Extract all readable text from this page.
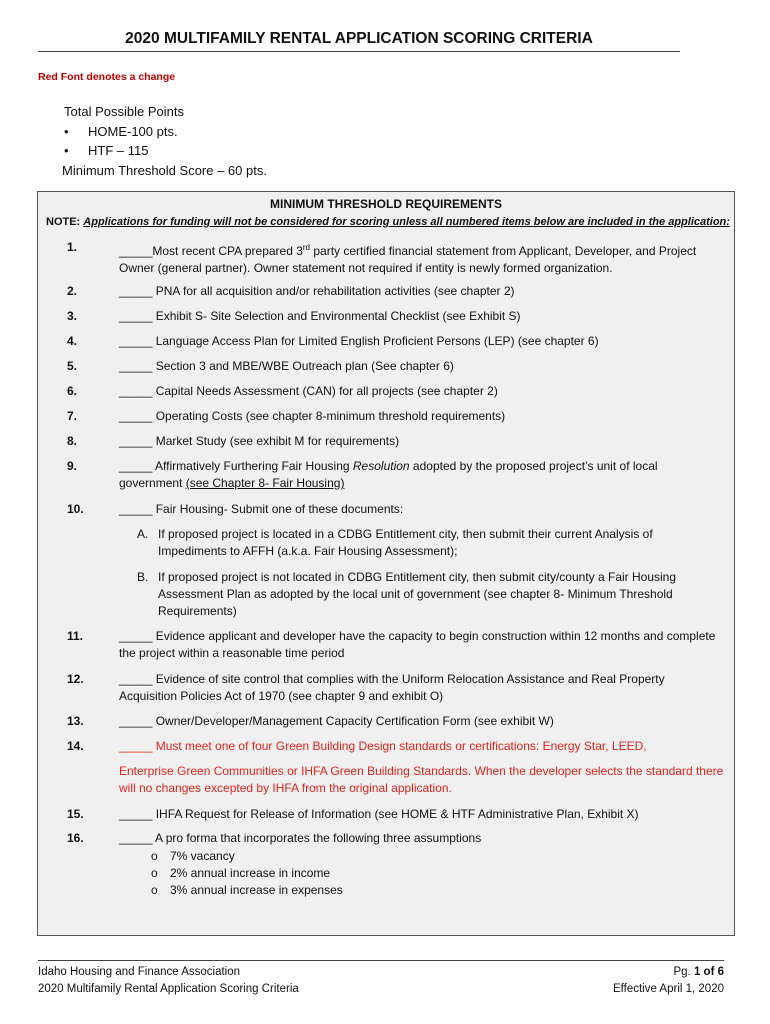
2020 MULTIFAMILY RENTAL APPLICATION SCORING CRITERIA
Red Font denotes a change
Total Possible Points
• HOME-100 pts.
• HTF – 115
Minimum Threshold Score – 60 pts.
MINIMUM THRESHOLD REQUIREMENTS
NOTE: Applications for funding will not be considered for scoring unless all numbered items below are included in the application:
1.	_____Most recent CPA prepared 3rd party certified financial statement from Applicant, Developer, and Project Owner (general partner). Owner statement not required if entity is newly formed organization.
2.	_____ PNA for all acquisition and/or rehabilitation activities (see chapter 2)
3.	_____ Exhibit S- Site Selection and Environmental Checklist (see Exhibit S)
4.	_____ Language Access Plan for Limited English Proficient Persons (LEP) (see chapter 6)
5.	_____ Section 3 and MBE/WBE Outreach plan (See chapter 6)
6.	_____ Capital Needs Assessment (CAN) for all projects (see chapter 2)
7.	_____ Operating Costs (see chapter 8-minimum threshold requirements)
8.	_____ Market Study (see exhibit M for requirements)
9.	_____ Affirmatively Furthering Fair Housing Resolution adopted by the proposed project’s unit of local government (see Chapter 8- Fair Housing)
10.	_____ Fair Housing- Submit one of these documents:
A. If proposed project is located in a CDBG Entitlement city, then submit their current Analysis of Impediments to AFFH (a.k.a. Fair Housing Assessment);
B. If proposed project is not located in CDBG Entitlement city, then submit city/county a Fair Housing Assessment Plan as adopted by the local unit of government (see chapter 8- Minimum Threshold Requirements)
11.	_____ Evidence applicant and developer have the capacity to begin construction within 12 months and complete the project within a reasonable time period
12.	_____ Evidence of site control that complies with the Uniform Relocation Assistance and Real Property Acquisition Policies Act of 1970 (see chapter 9 and exhibit O)
13.	_____ Owner/Developer/Management Capacity Certification Form (see exhibit W)
14.	_____ Must meet one of four Green Building Design standards or certifications: Energy Star, LEED,
Enterprise Green Communities or IHFA Green Building Standards. When the developer selects the standard there will no changes excepted by IHFA from the original application.
15.	_____ IHFA Request for Release of Information (see HOME & HTF Administrative Plan, Exhibit X)
16.	_____ A pro forma that incorporates the following three assumptions
o 7% vacancy
o 2% annual increase in income
o 3% annual increase in expenses
Idaho Housing and Finance Association
2020 Multifamily Rental Application Scoring Criteria
Pg. 1 of 6
Effective April 1, 2020
